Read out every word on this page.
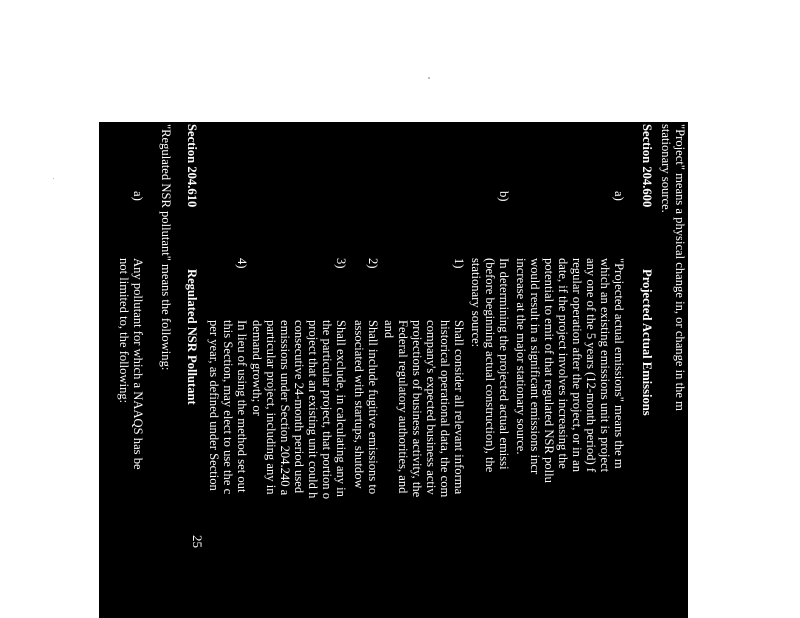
"Project" means a physical change in, or change in the m
stationary source.
Section 204.600
Projected Actual Emissions
a)
"Projected actual emissions" means the m
which an existing emissions unit is project
any one of the 5 years (12-month period) f
regular operation after the project, or in an
date, if the project involves increasing the
potential to emit of that regulated NSR pollu
would result in a significant emissions incr
increase at the major stationary source.
b)
In determining the projected actual emissi
(before beginning actual construction), the
stationary source:
1)
Shall consider all relevant informa
historical operational data, the com
company's expected business activ
projections of business activity, the
Federal regulatory authorities, and
and
2)
Shall include fugitive emissions to
associated with startups, shutdow
3)
Shall exclude, in calculating any in
the particular project, that portion o
project that an existing unit could h
consecutive 24-month period used
emissions under Section 204.240 a
particular project, including any in
demand growth; or
4)
In lieu of using the method set out
this Section, may elect to use the c
per year, as defined under Section
Section 204.610
Regulated NSR Pollutant
"Regulated NSR pollutant" means the following:
a)
Any pollutant for which a NAAQS has be
not limited to, the following:
25
